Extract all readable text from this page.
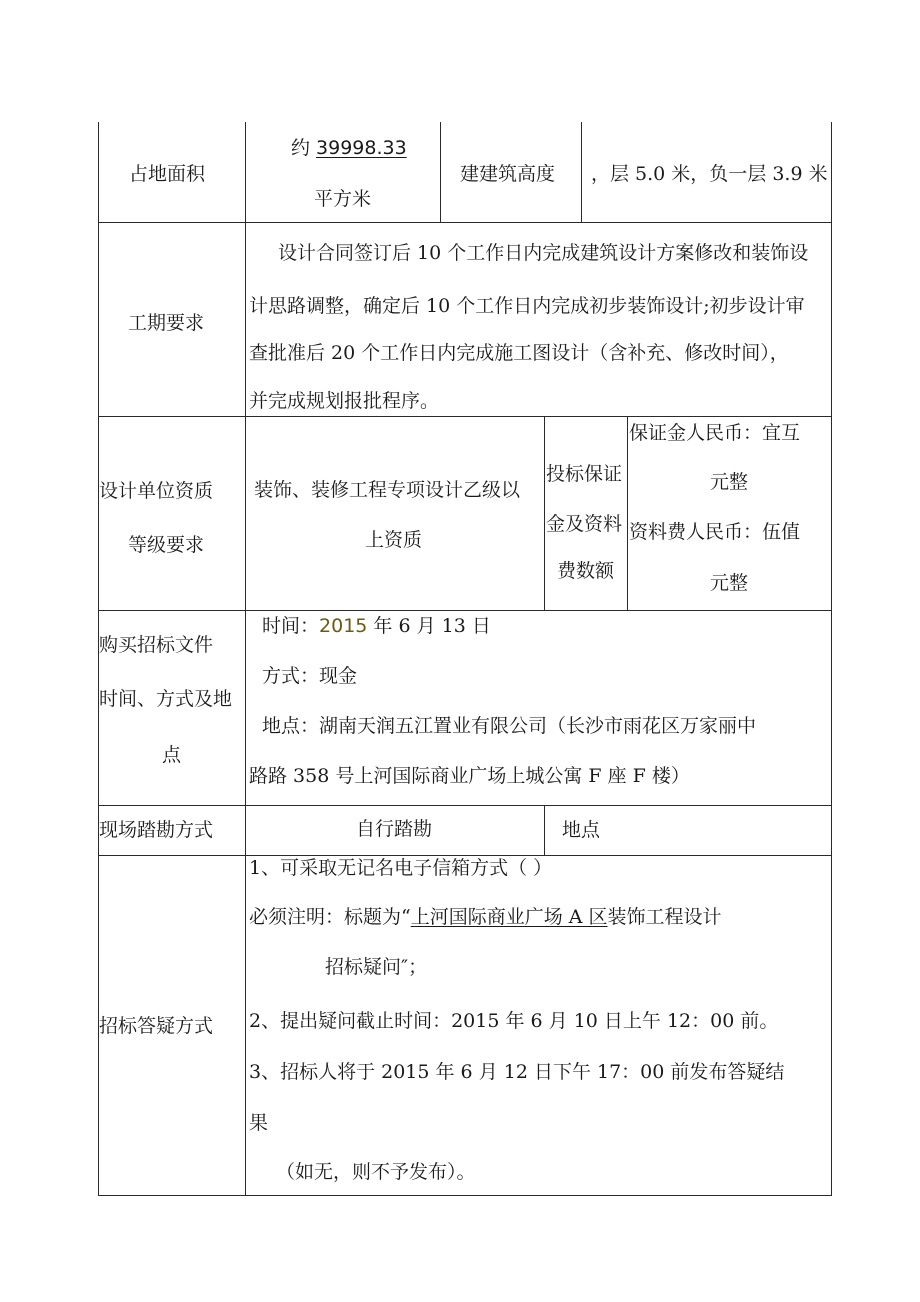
占地面积
约 39998.33
平方米
建建筑高度 ，层 5.0 米，负一层 3.9 米
工期要求
设计合同签订后 10 个工作日内完成建筑设计方案修改和装饰设
计思路调整，确定后 10 个工作日内完成初步装饰设计;初步设计审
查批准后 20 个工作日内完成施工图设计（含补充、修改时间），
并完成规划报批程序。
设计单位资质
等级要求
装饰、装修工程专项设计乙级以
上资质
投标保证
金及资料
费数额
保证金人民币：宜互
元整
资料费人民币：伍值
元整
购买招标文件
时间、方式及地
点
时间：2015 年 6 月 13 日
方式：现金
地点：湖南天润五江置业有限公司（长沙市雨花区万家丽中
路路 358 号上河国际商业广场上城公寓 F 座 F 楼）
现场踏勘方式	自行踏勘	地点
招标答疑方式
1、可采取无记名电子信箱方式（ ）
必须注明：标题为“上河国际商业广场 A 区装饰工程设计
招标疑问″；
2、提出疑问截止时间：2015 年 6 月 10 日上午 12：00 前。
3、招标人将于 2015 年 6 月 12 日下午 17：00 前发布答疑结
果
（如无，则不予发布）。
